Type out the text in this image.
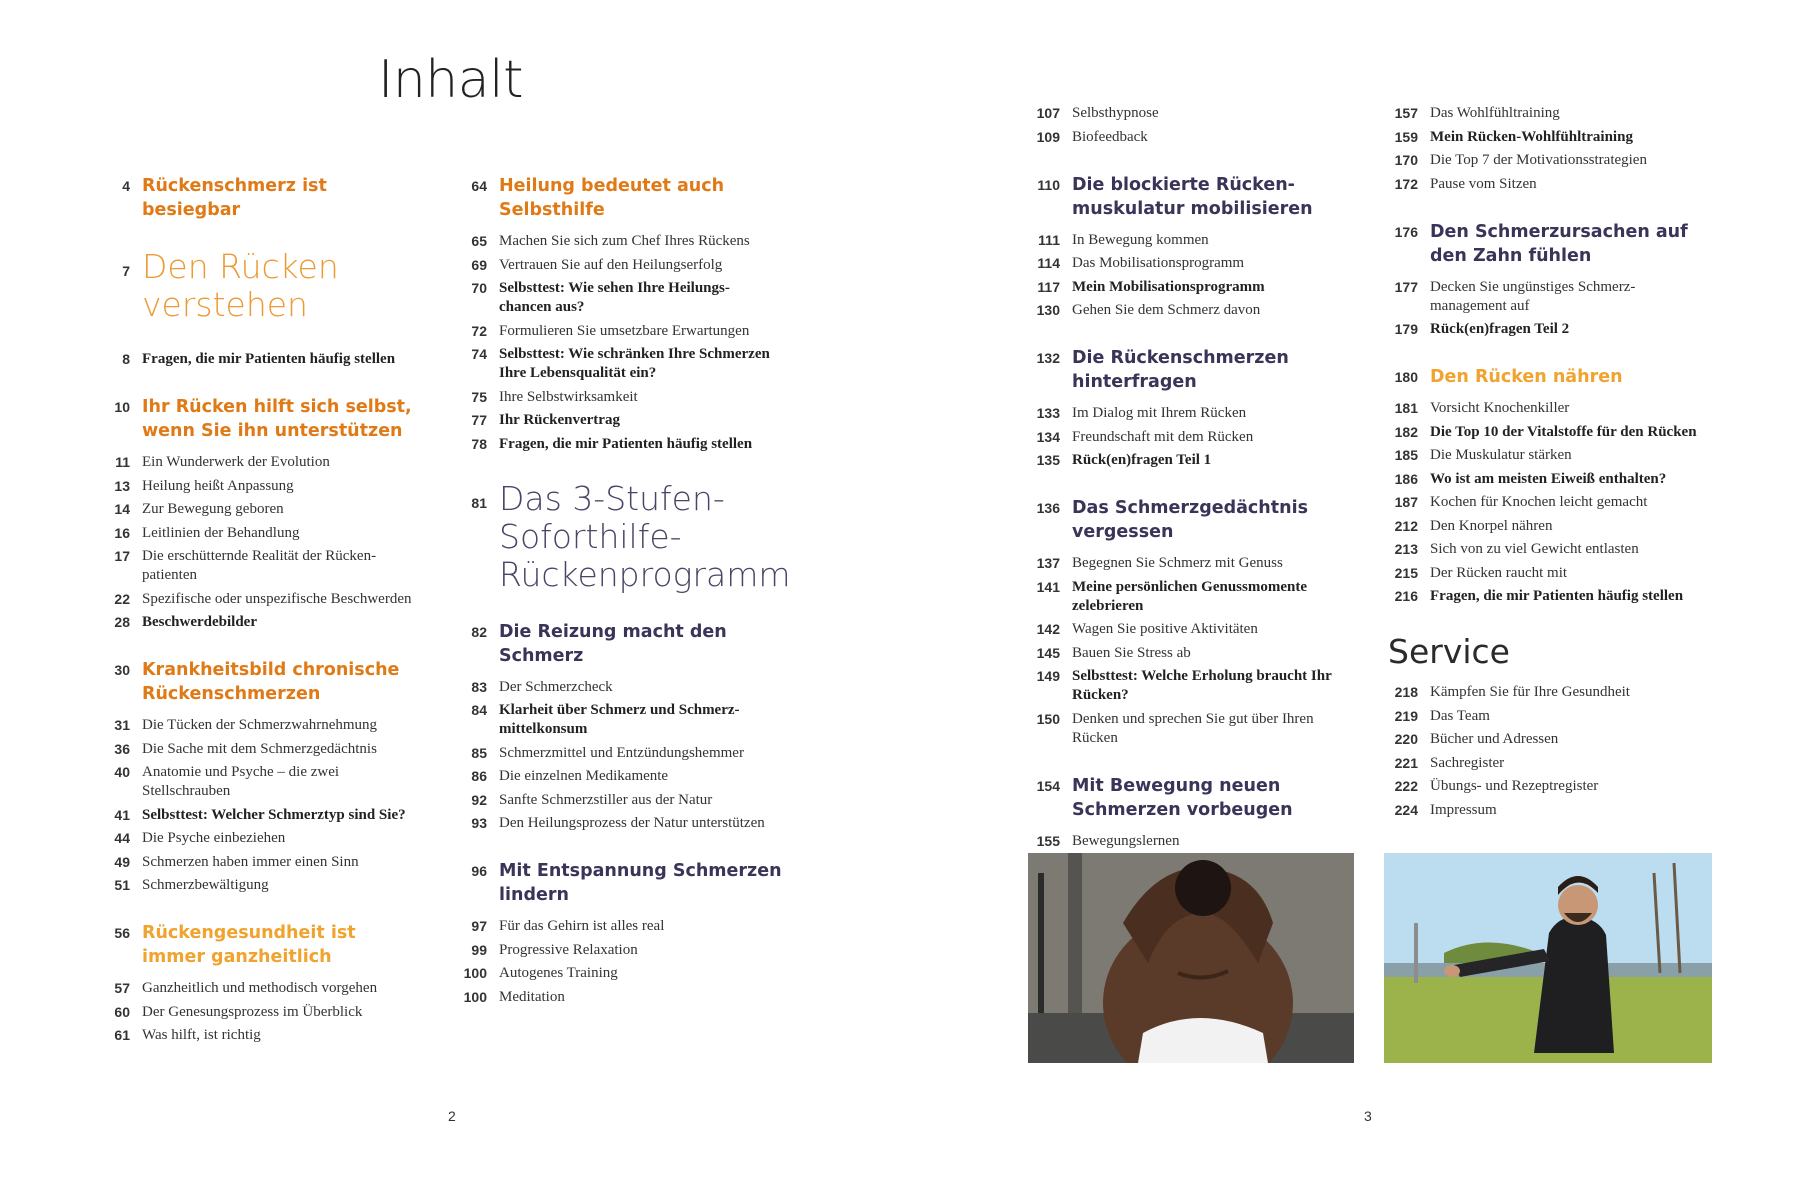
Inhalt
4 Rückenschmerz ist besiegbar
7 Den Rücken verstehen
8 Fragen, die mir Patienten häufig stellen
10 Ihr Rücken hilft sich selbst, wenn Sie ihn unterstützen
11 Ein Wunderwerk der Evolution
13 Heilung heißt Anpassung
14 Zur Bewegung geboren
16 Leitlinien der Behandlung
17 Die erschütternde Realität der Rücken-
patienten
22 Spezifische oder unspezifische Beschwerden
28 Beschwerdebilder
30 Krankheitsbild chronische Rückenschmerzen
31 Die Tücken der Schmerzwahrnehmung
36 Die Sache mit dem Schmerzgedächtnis
40 Anatomie und Psyche – die zwei Stellschrauben
41 Selbsttest: Welcher Schmerztyp sind Sie?
44 Die Psyche einbeziehen
49 Schmerzen haben immer einen Sinn
51 Schmerzbewältigung
56 Rückengesundheit ist immer ganzheitlich
57 Ganzheitlich und methodisch vorgehen
60 Der Genesungsprozess im Überblick
61 Was hilft, ist richtig
64 Heilung bedeutet auch Selbsthilfe
65 Machen Sie sich zum Chef Ihres Rückens
69 Vertrauen Sie auf den Heilungserfolg
70 Selbsttest: Wie sehen Ihre Heilungs-
chancen aus?
72 Formulieren Sie umsetzbare Erwartungen
74 Selbsttest: Wie schränken Ihre Schmerzen Ihre Lebensqualität ein?
75 Ihre Selbstwirksamkeit
77 Ihr Rückenvertrag
78 Fragen, die mir Patienten häufig stellen
81 Das 3-Stufen-
Soforthilfe-
Rückenprogramm
82 Die Reizung macht den Schmerz
83 Der Schmerzcheck
84 Klarheit über Schmerz und Schmerz-
mittelkonsum
85 Schmerzmittel und Entzündungshemmer
86 Die einzelnen Medikamente
92 Sanfte Schmerzstiller aus der Natur
93 Den Heilungsprozess der Natur unterstützen
96 Mit Entspannung Schmerzen lindern
97 Für das Gehirn ist alles real
99 Progressive Relaxation
100 Autogenes Training
100 Meditation
107 Selbsthypnose
109 Biofeedback
110 Die blockierte Rücken-
muskulatur mobilisieren
111 In Bewegung kommen
114 Das Mobilisationsprogramm
117 Mein Mobilisationsprogramm
130 Gehen Sie dem Schmerz davon
132 Die Rückenschmerzen hinterfragen
133 Im Dialog mit Ihrem Rücken
134 Freundschaft mit dem Rücken
135 Rück(en)fragen Teil 1
136 Das Schmerzgedächtnis vergessen
137 Begegnen Sie Schmerz mit Genuss
141 Meine persönlichen Genussmomente zelebrieren
142 Wagen Sie positive Aktivitäten
145 Bauen Sie Stress ab
149 Selbsttest: Welche Erholung braucht Ihr Rücken?
150 Denken und sprechen Sie gut über Ihren Rücken
154 Mit Bewegung neuen Schmerzen vorbeugen
155 Bewegungslernen
157 Das Wohlfühltraining
159 Mein Rücken-Wohlfühltraining
170 Die Top 7 der Motivationsstrategien
172 Pause vom Sitzen
176 Den Schmerzursachen auf den Zahn fühlen
177 Decken Sie ungünstiges Schmerz-
management auf
179 Rück(en)fragen Teil 2
180 Den Rücken nähren
181 Vorsicht Knochenkiller
182 Die Top 10 der Vitalstoffe für den Rücken
185 Die Muskulatur stärken
186 Wo ist am meisten Eiweiß enthalten?
187 Kochen für Knochen leicht gemacht
212 Den Knorpel nähren
213 Sich von zu viel Gewicht entlasten
215 Der Rücken raucht mit
216 Fragen, die mir Patienten häufig stellen
Service
218 Kämpfen Sie für Ihre Gesundheit
219 Das Team
220 Bücher und Adressen
221 Sachregister
222 Übungs- und Rezeptregister
224 Impressum
2	3
